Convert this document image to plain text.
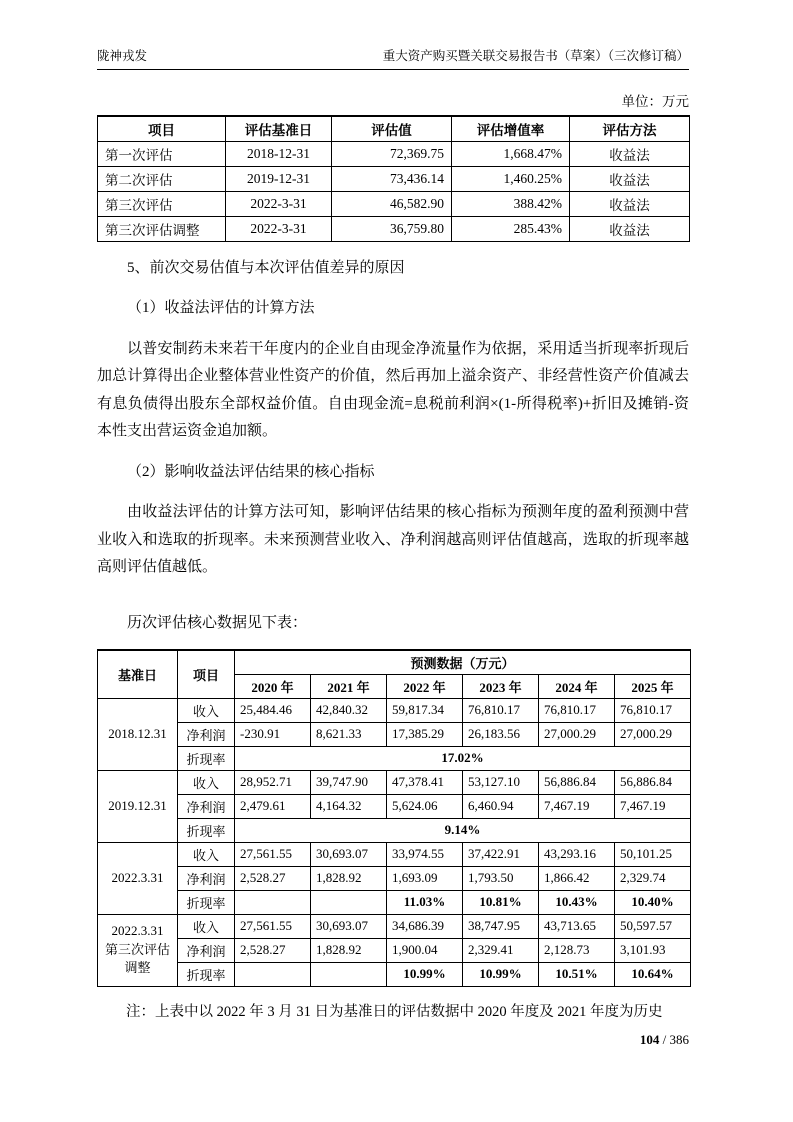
陇神戎发	重大资产购买暨关联交易报告书（草案）（三次修订稿）
单位：万元
项目	评估基准日	评估值	评估增值率	评估方法
第一次评估	2018-12-31	72,369.75	1,668.47%	收益法
第二次评估	2019-12-31	73,436.14	1,460.25%	收益法
第三次评估	2022-3-31	46,582.90	388.42%	收益法
第三次评估调整	2022-3-31	36,759.80	285.43%	收益法

5、前次交易估值与本次评估值差异的原因

（1）收益法评估的计算方法

以普安制药未来若干年度内的企业自由现金净流量作为依据，采用适当折现率折现后加总计算得出企业整体营业性资产的价值，然后再加上溢余资产、非经营性资产价值减去有息负债得出股东全部权益价值。自由现金流=息税前利润×(1-所得税率)+折旧及摊销-资本性支出营运资金追加额。

（2）影响收益法评估结果的核心指标

由收益法评估的计算方法可知，影响评估结果的核心指标为预测年度的盈利预测中营业收入和选取的折现率。未来预测营业收入、净利润越高则评估值越高，选取的折现率越高则评估值越低。

历次评估核心数据见下表：

基准日	项目	预测数据（万元）					
		2020 年	2021 年	2022 年	2023 年	2024 年	2025 年
2018.12.31	收入	25,484.46	42,840.32	59,817.34	76,810.17	76,810.17	76,810.17
	净利润	-230.91	8,621.33	17,385.29	26,183.56	27,000.29	27,000.29
	折现率	17.02%					
2019.12.31	收入	28,952.71	39,747.90	47,378.41	53,127.10	56,886.84	56,886.84
	净利润	2,479.61	4,164.32	5,624.06	6,460.94	7,467.19	7,467.19
	折现率	9.14%					
2022.3.31	收入	27,561.55	30,693.07	33,974.55	37,422.91	43,293.16	50,101.25
	净利润	2,528.27	1,828.92	1,693.09	1,793.50	1,866.42	2,329.74
	折现率			11.03%	10.81%	10.43%	10.40%

2022.3.31
第三次评估
调整	收入	27,561.55	30,693.07	34,686.39	38,747.95	43,713.65	50,597.57
	净利润	2,528.27	1,828.92	1,900.04	2,329.41	2,128.73	3,101.93
	折现率			10.99%	10.99%	10.51%	10.64%

注：上表中以 2022 年 3 月 31 日为基准日的评估数据中 2020 年度及 2021 年度为历史

104 / 386
